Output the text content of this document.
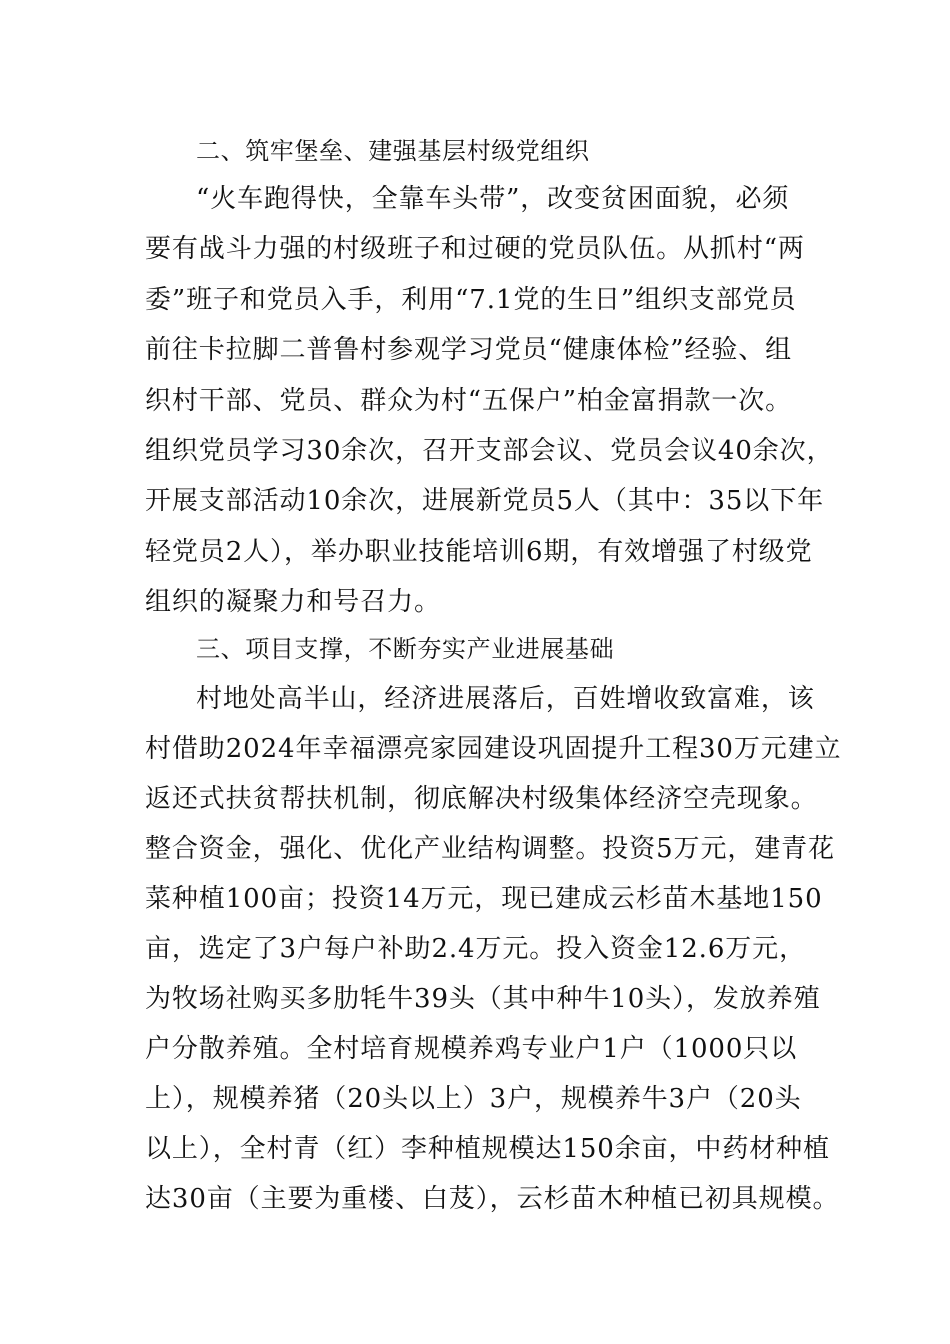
二、筑牢堡垒、建强基层村级党组织
“火车跑得快，全靠车头带”，改变贫困面貌，必须
要有战斗力强的村级班子和过硬的党员队伍。从抓村“两
委”班子和党员入手，利用“7.1党的生日”组织支部党员
前往卡拉脚二普鲁村参观学习党员“健康体检”经验、组
织村干部、党员、群众为村“五保户”柏金富捐款一次。
组织党员学习30余次，召开支部会议、党员会议40余次，
开展支部活动10余次，进展新党员5人（其中：35以下年
轻党员2人），举办职业技能培训6期，有效增强了村级党
组织的凝聚力和号召力。
三、项目支撑，不断夯实产业进展基础
村地处高半山，经济进展落后，百姓增收致富难，该
村借助2024年幸福漂亮家园建设巩固提升工程30万元建立
返还式扶贫帮扶机制，彻底解决村级集体经济空壳现象。
整合资金，强化、优化产业结构调整。投资5万元，建青花
菜种植100亩；投资14万元，现已建成云杉苗木基地150
亩，选定了3户每户补助2.4万元。投入资金12.6万元，
为牧场社购买多肋牦牛39头（其中种牛10头），发放养殖
户分散养殖。全村培育规模养鸡专业户1户（1000只以
上），规模养猪（20头以上）3户，规模养牛3户（20头
以上），全村青（红）李种植规模达150余亩，中药材种植
达30亩（主要为重楼、白芨），云杉苗木种植已初具规模。
